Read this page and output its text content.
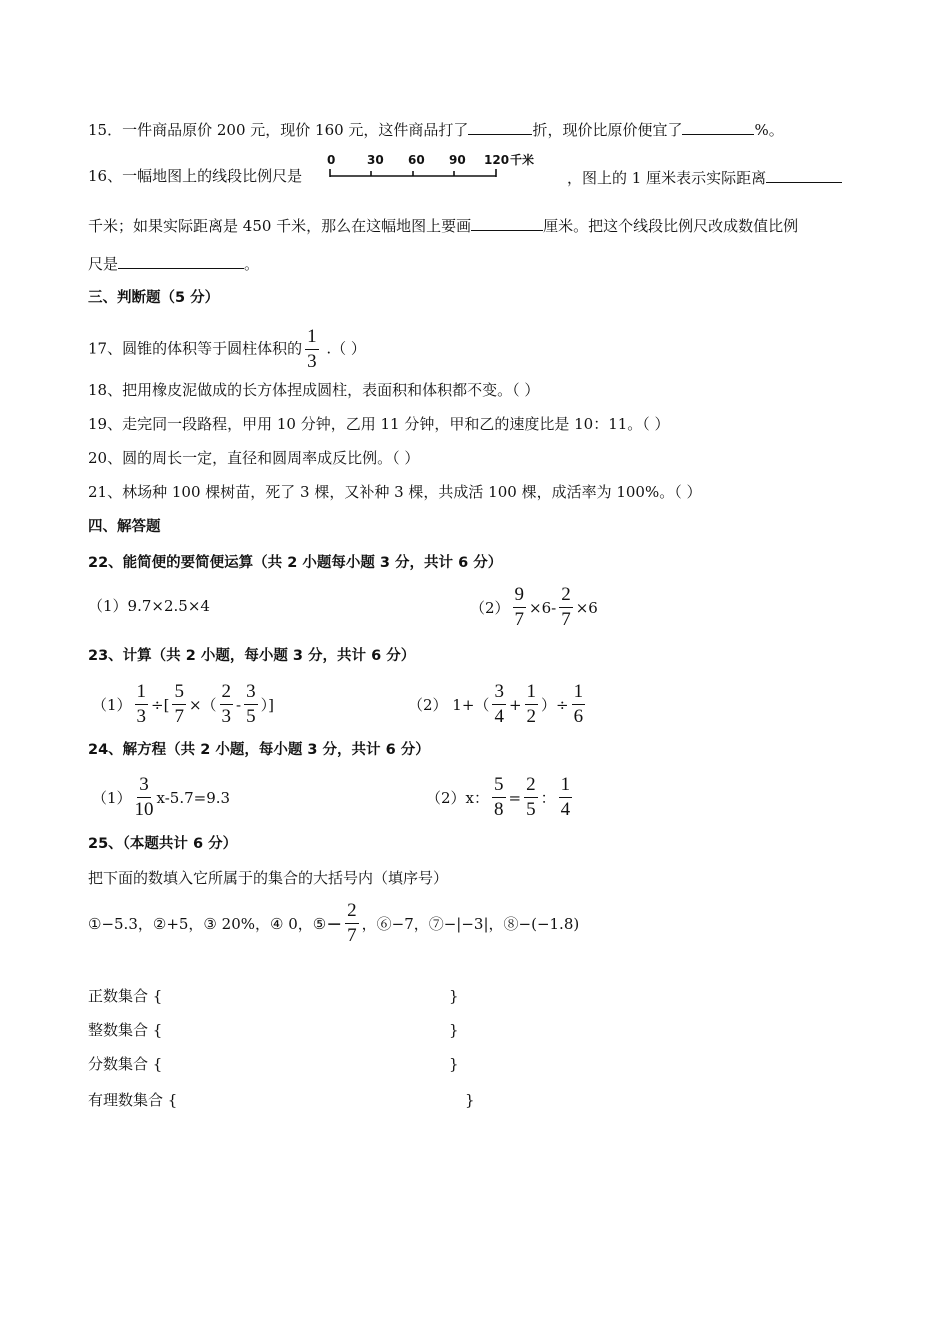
15．一件商品原价 200 元，现价 160 元，这件商品打了	折，现价比原价便宜了	%。
16、一幅地图上的线段比例尺是
0	30 60 90 120 千米
，图上的 1 厘米表示实际距离
千米；如果实际距离是 450 千米，那么在这幅地图上要画	厘米。把这个线段比例尺改成数值比例
尺是	。
三、判断题（5 分）
17、圆锥的体积等于圆柱体积的 $\frac{1}{3}$ .（ ）
18、把用橡皮泥做成的长方体捏成圆柱，表面积和体积都不变。（ ）
19、走完同一段路程，甲用 10 分钟，乙用 11 分钟，甲和乙的速度比是 10：11。（ ）
20、圆的周长一定，直径和圆周率成反比例。（ ）
21、林场种 100 棵树苗，死了 3 棵，又补种 3 棵，共成活 100 棵，成活率为 100%。（ ）
四、解答题
22、能简便的要简便运算（共 2 小题每小题 3 分，共计 6 分）
（1）9.7×2.5×4	$(2) \frac{9}{7} \times 6- \frac{2}{7} \times 6$
23、计算（共 2 小题，每小题 3 分，共计 6 分）
$(1) \frac{1}{3}$ ÷[ $\frac{5}{7}$ ×（ $\frac{2}{3} - \frac{3}{5}$ ）]	（2） $1+( \frac{3}{4} + \frac{1}{2}$ ）÷ $\frac{1}{6}$
24、解方程（共 2 小题，每小题 3 分，共计 6 分）
$(1) \frac{3}{10} x-5.7=9.3$	（2）x： $\frac{5}{8} = \frac{2}{5}$ ： $\frac{1}{4}$
25、（本题共计 6 分）
把下面的数填入它所属于的集合的大括号内（填序号）
①−5.3，②+5，③ 20%，④ 0，⑤− $\frac{2}{7}$ ，⑥−7，⑦−|−3|，⑧−(−1.8)
正数集合 {	}
整数集合 {	}
分数集合 {	}
有理数集合 {	}
